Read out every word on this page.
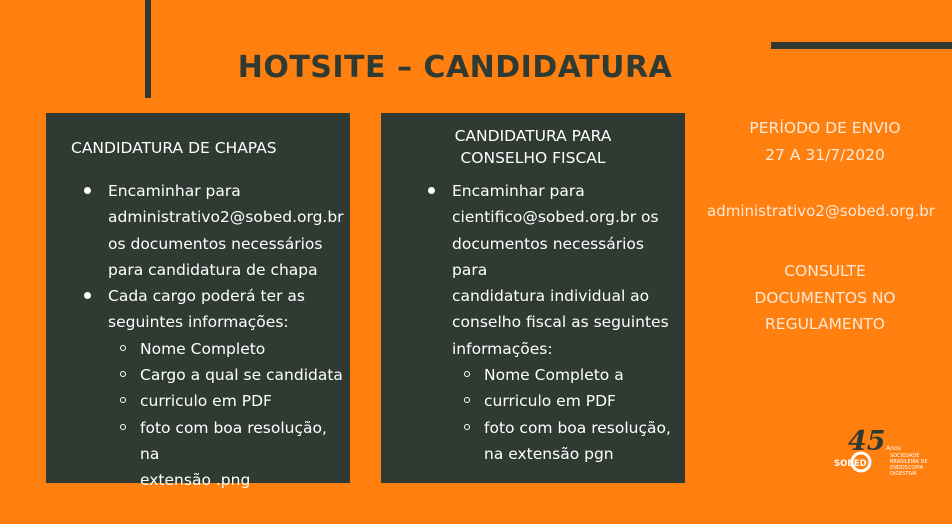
HOTSITE – CANDIDATURA
CANDIDATURA DE CHAPAS
Encaminhar para
administrativo2@sobed.org.br
os documentos necessários
para candidatura de chapa
Cada cargo poderá ter as
seguintes informações:
Nome Completo
Cargo a qual se candidata
curriculo em PDF
foto com boa resolução, na
extensão .png
CANDIDATURA PARA
CONSELHO FISCAL
Encaminhar para
cientifico@sobed.org.br os
documentos necessários para
candidatura individual ao
conselho fiscal as seguintes
informações:
Nome Completo a
curriculo em PDF
foto com boa resolução,
na extensão pgn
PERÍODO DE ENVIO
27 A 31/7/2020
administrativo2@sobed.org.br
CONSULTE
DOCUMENTOS NO
REGULAMENTO
45
SOBED
Anos
SOCIEDADE
BRASILEIRA DE
ENDOSCOPIA
DIGESTIVA
